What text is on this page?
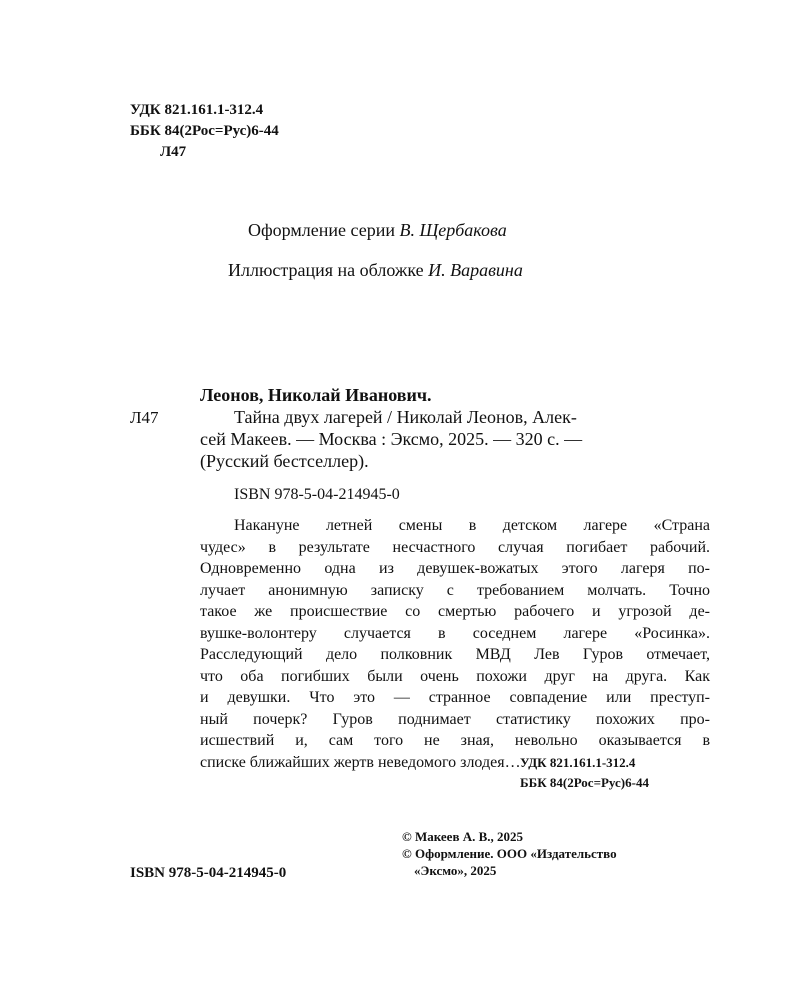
УДК 821.161.1-312.4
ББК 84(2Рос=Рус)6-44
Л47
Оформление серии В. Щербакова
Иллюстрация на обложке И. Варавина
Леонов, Николай Иванович.
Л47	Тайна двух лагерей / Николай Леонов, Алек-
сей Макеев. — Москва : Эксмо, 2025. — 320 с. —
(Русский бестселлер).
ISBN 978-5-04-214945-0
Накануне летней смены в детском лагере «Страна
чудес» в результате несчастного случая погибает рабочий.
Одновременно одна из девушек-вожатых этого лагеря по-
лучает анонимную записку с требованием молчать. Точно
такое же происшествие со смертью рабочего и угрозой де-
вушке-волонтеру случается в соседнем лагере «Росинка».
Расследующий дело полковник МВД Лев Гуров отмечает,
что оба погибших были очень похожи друг на друга. Как
и девушки. Что это — странное совпадение или преступ-
ный почерк? Гуров поднимает статистику похожих про-
исшествий и, сам того не зная, невольно оказывается в
списке ближайших жертв неведомого злодея… УДК 821.161.1-312.4
ББК 84(2Рос=Рус)6-44
© Макеев А. В., 2025
© Оформление. ООО «Издательство
«Эксмо», 2025
ISBN 978-5-04-214945-0
